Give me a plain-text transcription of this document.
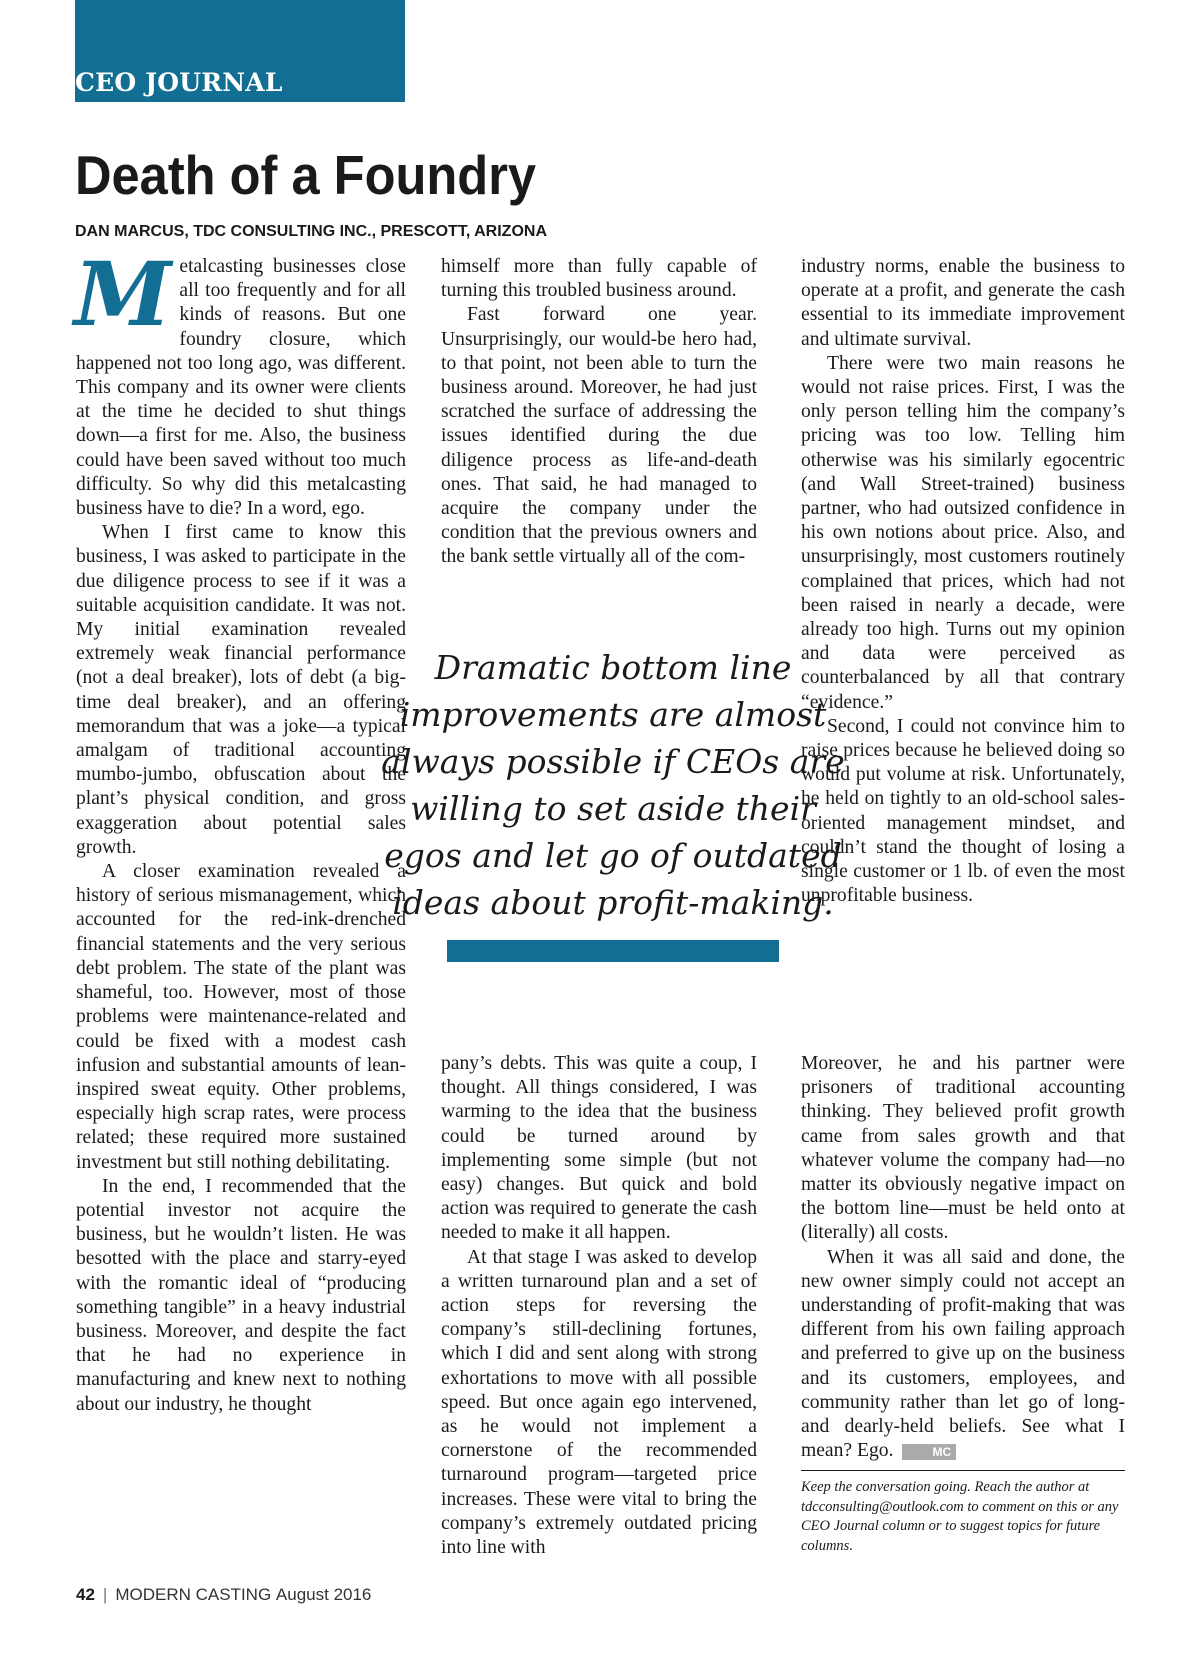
CEO JOURNAL
Death of a Foundry
DAN MARCUS, TDC CONSULTING INC., PRESCOTT, ARIZONA

Metalcasting businesses close all too frequently and for all kinds of reasons. But one foundry closure, which happened not too long ago, was different. This company and its owner were clients at the time he decided to shut things down—a first for me. Also, the business could have been saved without too much difficulty. So why did this metalcasting business have to die? In a word, ego.

When I first came to know this business, I was asked to participate in the due diligence process to see if it was a suitable acquisition candidate. It was not. My initial examination revealed extremely weak financial performance (not a deal breaker), lots of debt (a big-time deal breaker), and an offering memorandum that was a joke—a typical amalgam of traditional accounting mumbo-jumbo, obfuscation about the plant’s physical condition, and gross exaggeration about potential sales growth.

A closer examination revealed a history of serious mismanagement, which accounted for the red-ink-drenched financial statements and the very serious debt problem. The state of the plant was shameful, too. However, most of those problems were maintenance-related and could be fixed with a modest cash infusion and substantial amounts of lean-inspired sweat equity. Other problems, especially high scrap rates, were process related; these required more sustained investment but still nothing debilitating.

In the end, I recommended that the potential investor not acquire the business, but he wouldn’t listen. He was besotted with the place and starry-eyed with the romantic ideal of “producing something tangible” in a heavy industrial business. Moreover, and despite the fact that he had no experience in manufacturing and knew next to nothing about our industry, he thought

himself more than fully capable of turning this troubled business around.

Fast forward one year. Unsurprisingly, our would-be hero had, to that point, not been able to turn the business around. Moreover, he had just scratched the surface of addressing the issues identified during the due diligence process as life-and-death ones. That said, he had managed to acquire the company under the condition that the previous owners and the bank settle virtually all of the com-

Dramatic bottom line improvements are almost always possible if CEOs are willing to set aside their egos and let go of outdated ideas about profit-making.

pany’s debts. This was quite a coup, I thought. All things considered, I was warming to the idea that the business could be turned around by implementing some simple (but not easy) changes. But quick and bold action was required to generate the cash needed to make it all happen.

At that stage I was asked to develop a written turnaround plan and a set of action steps for reversing the company’s still-declining fortunes, which I did and sent along with strong exhortations to move with all possible speed. But once again ego intervened, as he would not implement a cornerstone of the recommended turnaround program—targeted price increases. These were vital to bring the company’s extremely outdated pricing into line with

industry norms, enable the business to operate at a profit, and generate the cash essential to its immediate improvement and ultimate survival.

There were two main reasons he would not raise prices. First, I was the only person telling him the company’s pricing was too low. Telling him otherwise was his similarly egocentric (and Wall Street-trained) business partner, who had outsized confidence in his own notions about price. Also, and unsurprisingly, most customers routinely complained that prices, which had not been raised in nearly a decade, were already too high. Turns out my opinion and data were perceived as counterbalanced by all that contrary “evidence.”

Second, I could not convince him to raise prices because he believed doing so would put volume at risk. Unfortunately, he held on tightly to an old-school sales-oriented management mindset, and couldn’t stand the thought of losing a single customer or 1 lb. of even the most unprofitable business.

Moreover, he and his partner were prisoners of traditional accounting thinking. They believed profit growth came from sales growth and that whatever volume the company had—no matter its obviously negative impact on the bottom line—must be held onto at (literally) all costs.

When it was all said and done, the new owner simply could not accept an understanding of profit-making that was different from his own failing approach and preferred to give up on the business and its customers, employees, and community rather than let go of long- and dearly-held beliefs. See what I mean? Ego.	MC

Keep the conversation going. Reach the author at tdcconsulting@outlook.com to comment on this or any CEO Journal column or to suggest topics for future columns.
42 | MODERN CASTING August 2016
